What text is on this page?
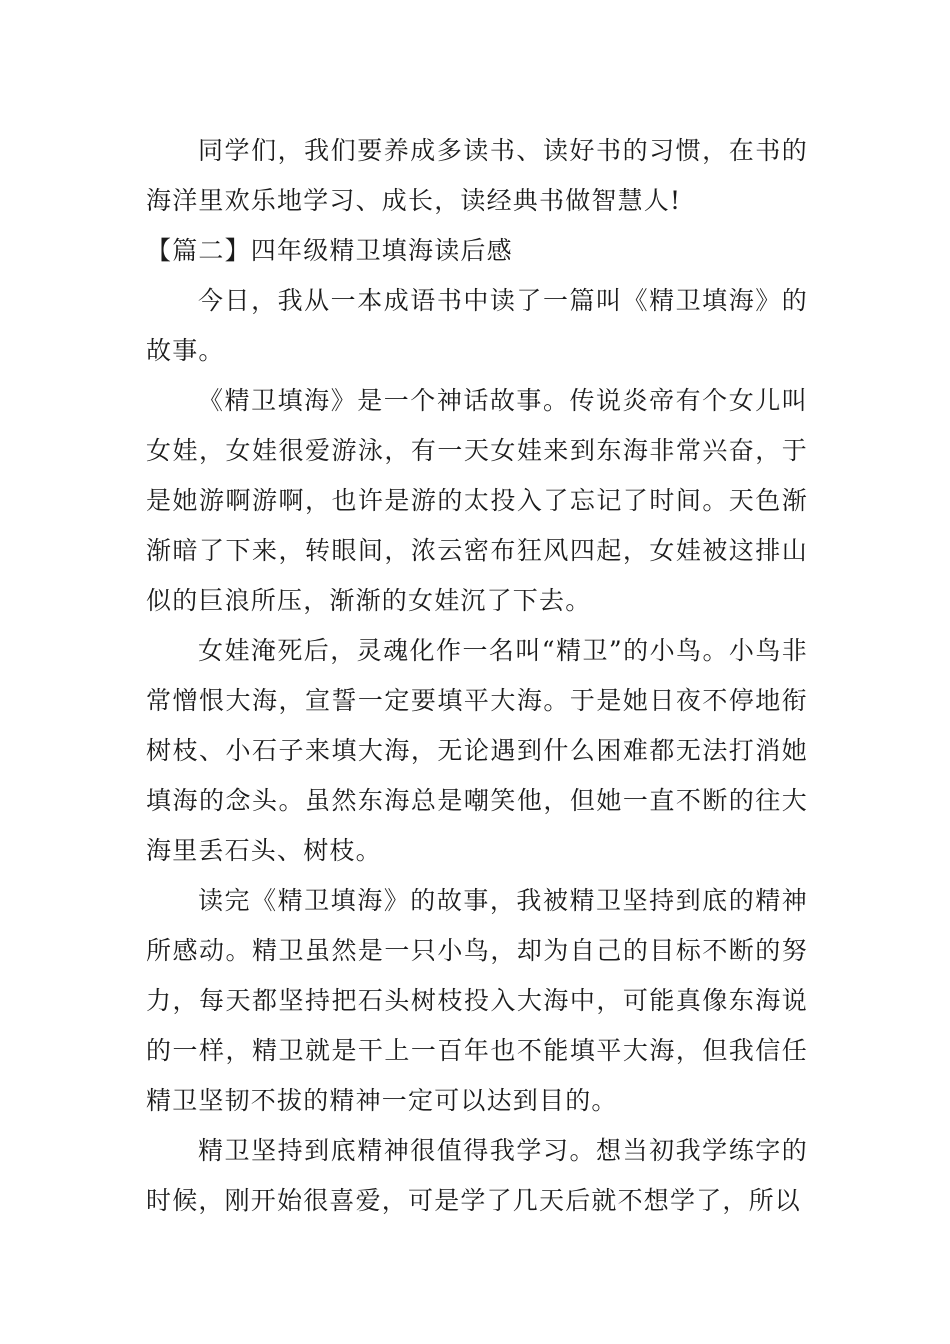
同学们，我们要养成多读书、读好书的习惯，在书的海洋里欢乐地学习、成长，读经典书做智慧人!

【篇二】四年级精卫填海读后感

今日，我从一本成语书中读了一篇叫《精卫填海》的故事。

《精卫填海》是一个神话故事。传说炎帝有个女儿叫女娃，女娃很爱游泳，有一天女娃来到东海非常兴奋，于是她游啊游啊，也许是游的太投入了忘记了时间。天色渐渐暗了下来，转眼间，浓云密布狂风四起，女娃被这排山似的巨浪所压，渐渐的女娃沉了下去。

女娃淹死后，灵魂化作一名叫“精卫”的小鸟。小鸟非常憎恨大海，宣誓一定要填平大海。于是她日夜不停地衔树枝、小石子来填大海，无论遇到什么困难都无法打消她填海的念头。虽然东海总是嘲笑他，但她一直不断的往大海里丢石头、树枝。

读完《精卫填海》的故事，我被精卫坚持到底的精神所感动。精卫虽然是一只小鸟，却为自己的目标不断的努力，每天都坚持把石头树枝投入大海中，可能真像东海说的一样，精卫就是干上一百年也不能填平大海，但我信任精卫坚韧不拔的精神一定可以达到目的。

精卫坚持到底精神很值得我学习。想当初我学练字的时候，刚开始很喜爱，可是学了几天后就不想学了，所以
